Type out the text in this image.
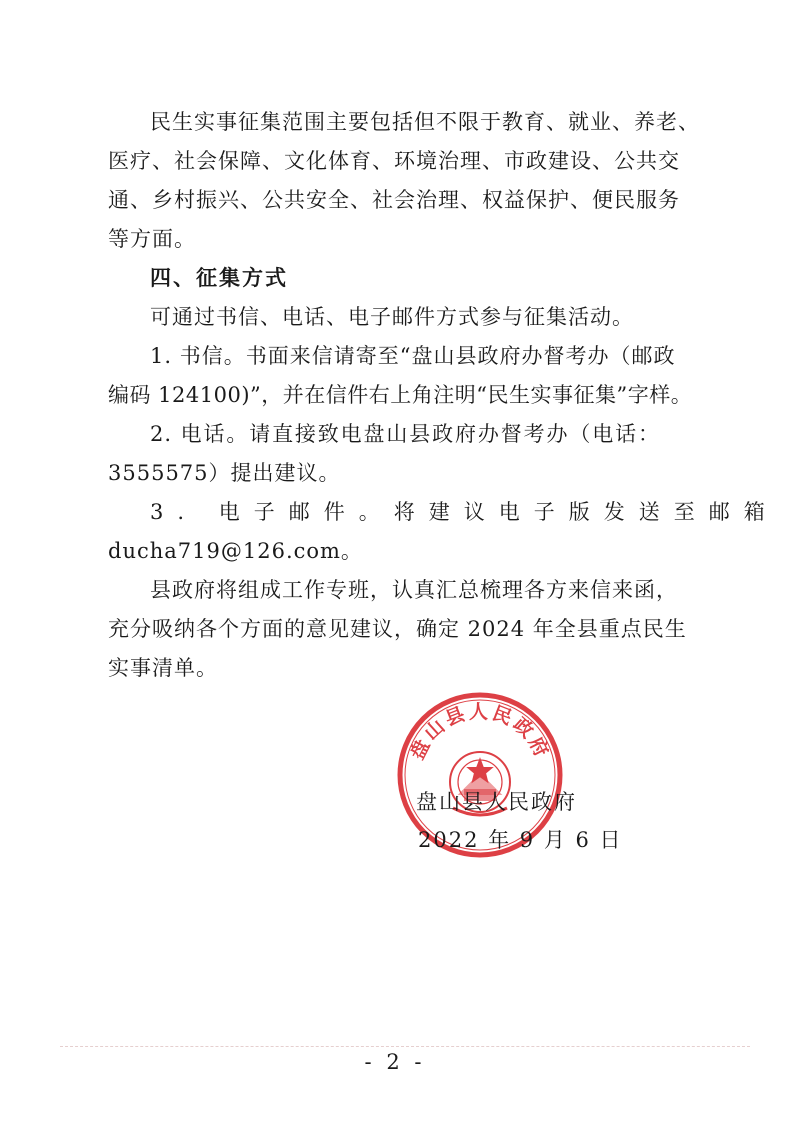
民生实事征集范围主要包括但不限于教育、就业、养老、
医疗、社会保障、文化体育、环境治理、市政建设、公共交
通、乡村振兴、公共安全、社会治理、权益保护、便民服务
等方面。
四、征集方式
可通过书信、电话、电子邮件方式参与征集活动。
1. 书信。书面来信请寄至“盘山县政府办督考办（邮政
编码 124100)”，并在信件右上角注明“民生实事征集”字样。
2. 电话。请直接致电盘山县政府办督考办（电话：
3555575）提出建议。
3. 电子邮件。将建议电子版发送至邮箱
ducha719@126.com。
县政府将组成工作专班，认真汇总梳理各方来信来函，
充分吸纳各个方面的意见建议，确定 2024 年全县重点民生
实事清单。
盘山县人民政府
盘山县人民政府
2022 年 9 月 6 日
- 2 -
